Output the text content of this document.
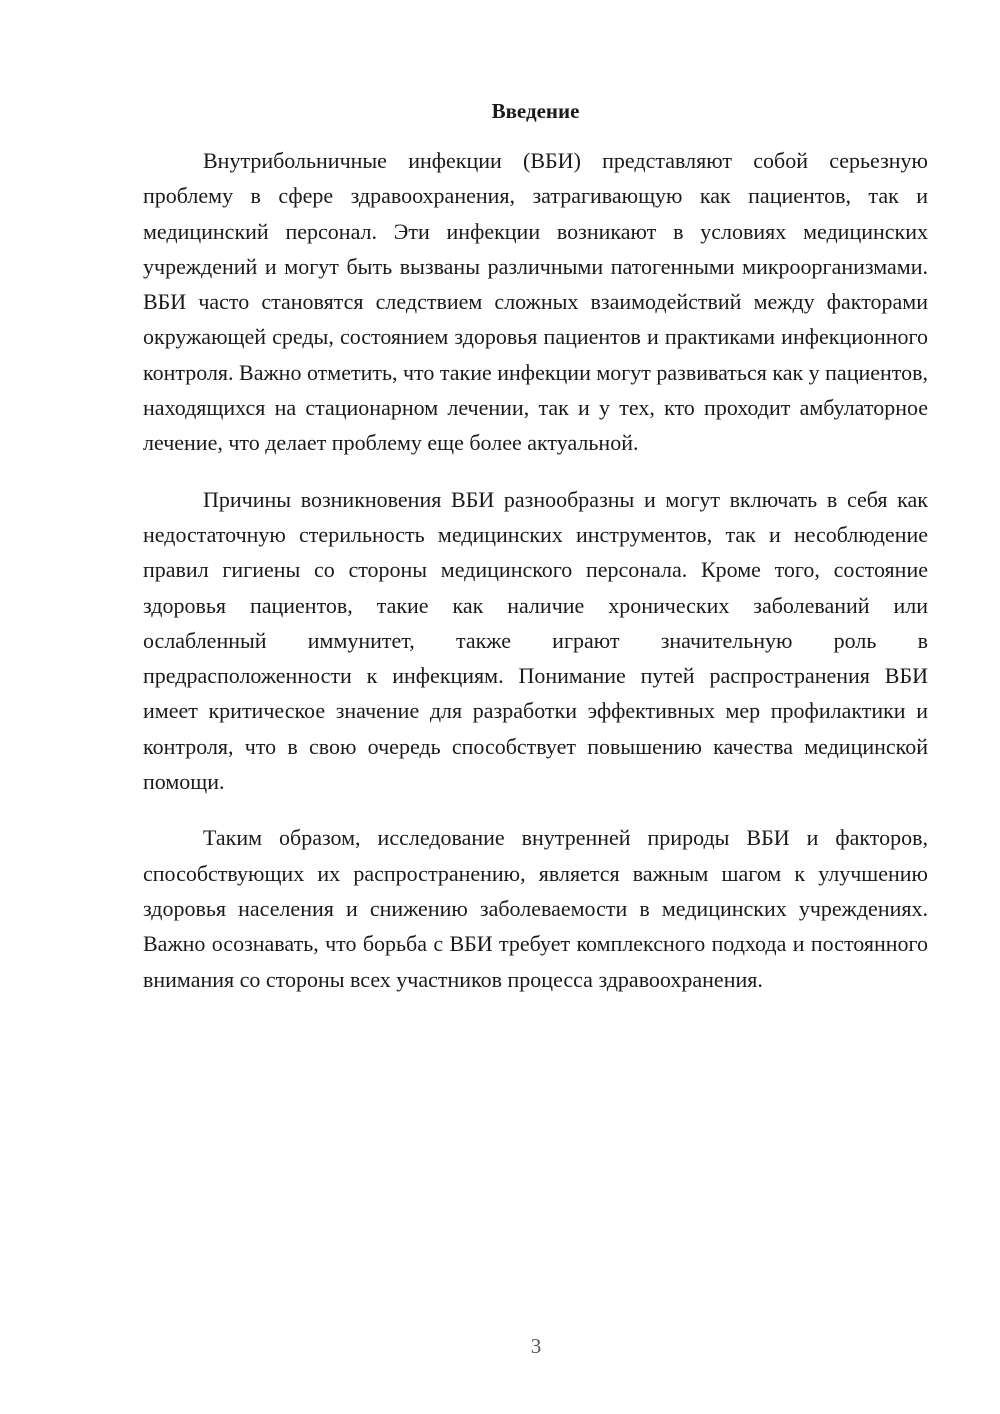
Введение

Внутрибольничные инфекции (ВБИ) представляют собой серьезную проблему в сфере здравоохранения, затрагивающую как пациентов, так и медицинский персонал. Эти инфекции возникают в условиях медицинских учреждений и могут быть вызваны различными патогенными микроорганизмами. ВБИ часто становятся следствием сложных взаимодействий между факторами окружающей среды, состоянием здоровья пациентов и практиками инфекционного контроля. Важно отметить, что такие инфекции могут развиваться как у пациентов, находящихся на стационарном лечении, так и у тех, кто проходит амбулаторное лечение, что делает проблему еще более актуальной.

Причины возникновения ВБИ разнообразны и могут включать в себя как недостаточную стерильность медицинских инструментов, так и несоблюдение правил гигиены со стороны медицинского персонала. Кроме того, состояние здоровья пациентов, такие как наличие хронических заболеваний или ослабленный иммунитет, также играют значительную роль в предрасположенности к инфекциям. Понимание путей распространения ВБИ имеет критическое значение для разработки эффективных мер профилактики и контроля, что в свою очередь способствует повышению качества медицинской помощи.

Таким образом, исследование внутренней природы ВБИ и факторов, способствующих их распространению, является важным шагом к улучшению здоровья населения и снижению заболеваемости в медицинских учреждениях. Важно осознавать, что борьба с ВБИ требует комплексного подхода и постоянного внимания со стороны всех участников процесса здравоохранения.

3
